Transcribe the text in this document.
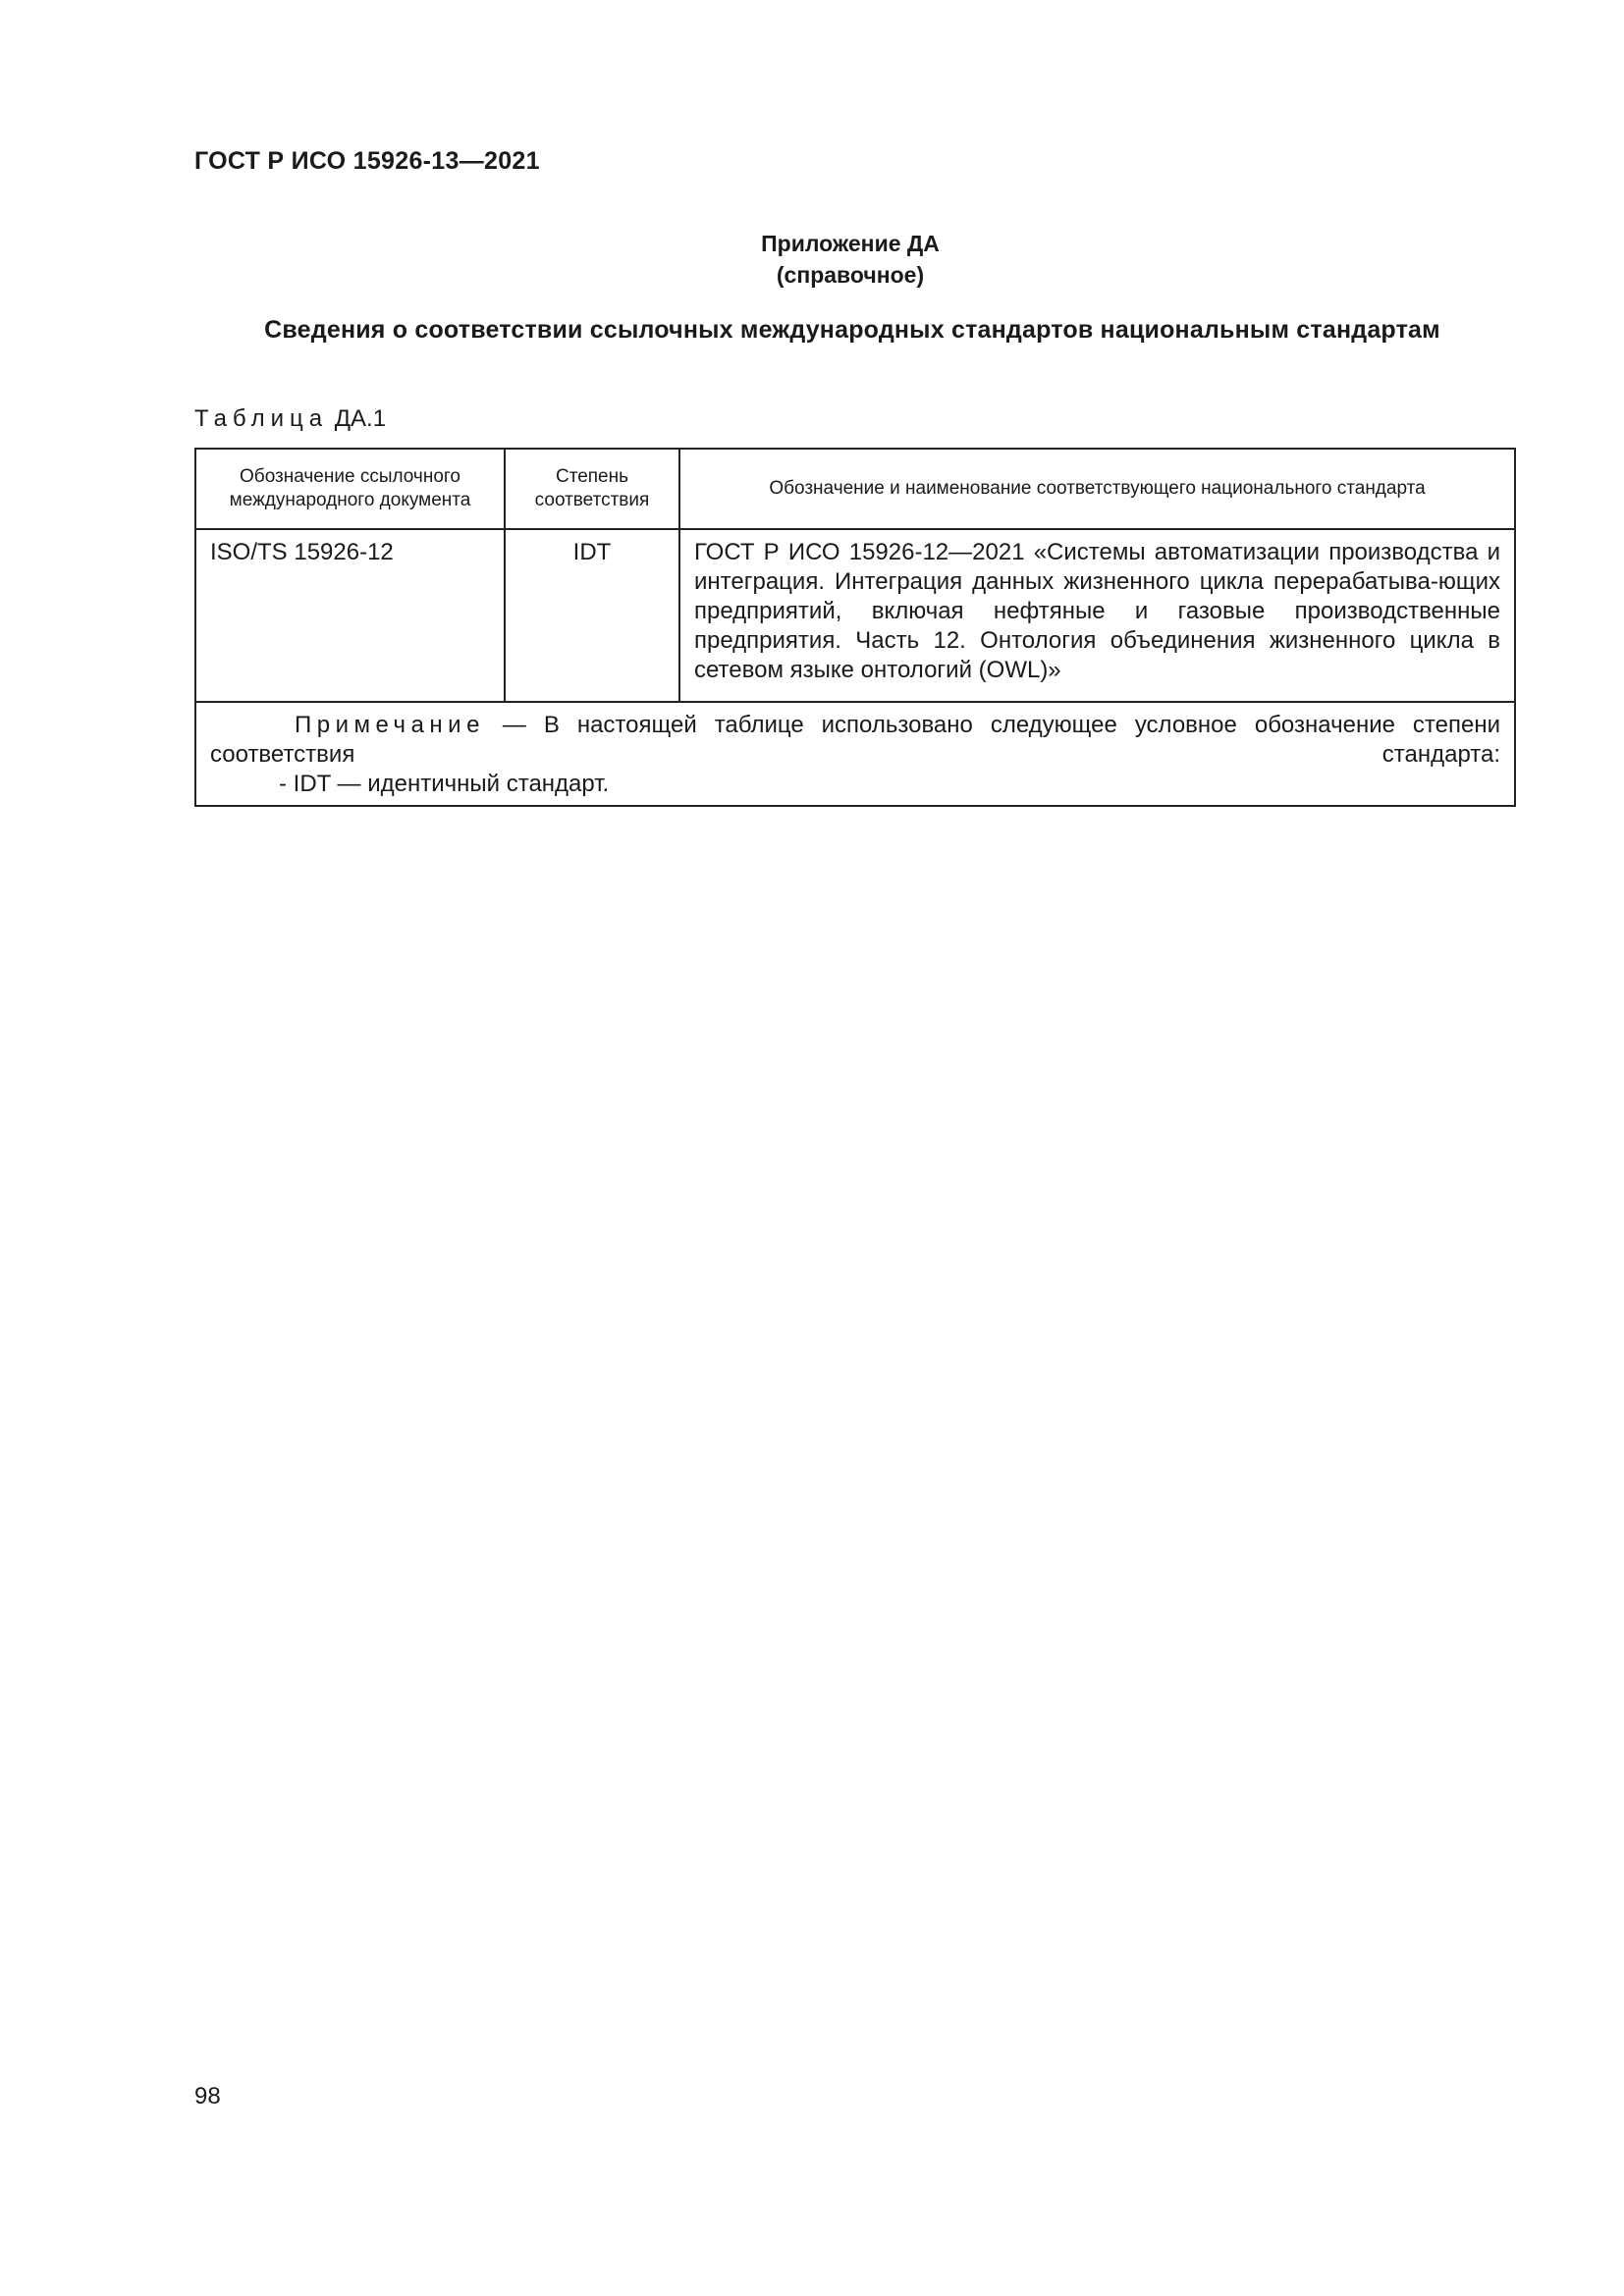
ГОСТ Р ИСО 15926-13—2021
Приложение ДА
(справочное)
Сведения о соответствии ссылочных международных стандартов национальным стандартам
Таблица ДА.1
Обозначение ссылочного международного документа	Степень соответствия	Обозначение и наименование соответствующего национального стандарта
ISO/TS 15926-12	IDT	ГОСТ Р ИСО 15926-12—2021 «Системы автоматизации производства и интеграция. Интеграция данных жизненного цикла перерабатыва-ющих предприятий, включая нефтяные и газовые производственные предприятия. Часть 12. Онтология объединения жизненного цикла в сетевом языке онтологий (OWL)»

Примечание — В настоящей таблице использовано следующее условное обозначение степени соответствия стандарта:
- IDT — идентичный стандарт.		
98
